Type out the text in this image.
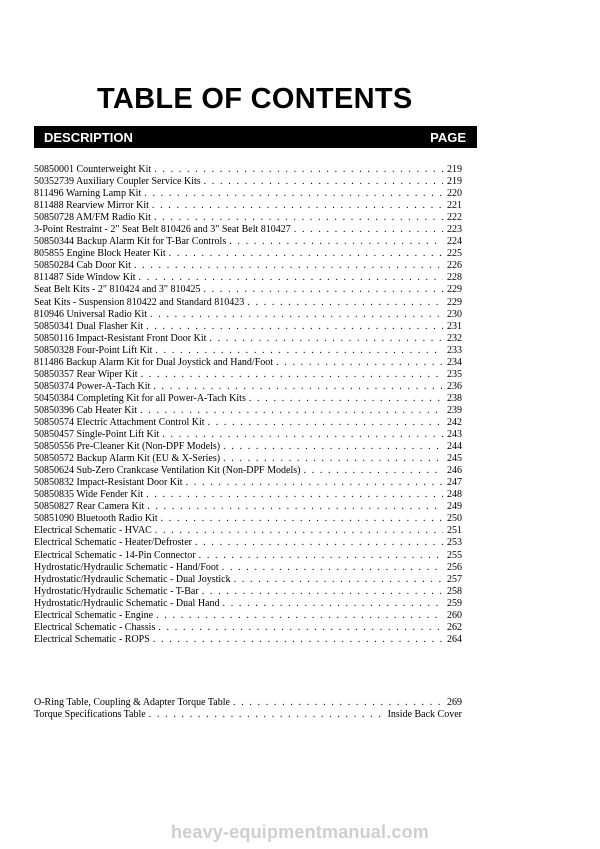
TABLE OF CONTENTS
DESCRIPTION	PAGE
50850001 Counterweight Kit . . .	219
50352739 Auxiliary Coupler Service Kits . . .	219
811496 Warning Lamp Kit . . .	220
811488 Rearview Mirror Kit . . .	221
50850728 AM/FM Radio Kit . . .	222
3-Point Restraint - 2" Seat Belt 810426 and 3" Seat Belt 810427 . . .	223
50850344 Backup Alarm Kit for T-Bar Controls . . .	224
805855 Engine Block Heater Kit . . .	225
50850284 Cab Door Kit . . .	226
811487 Side Window Kit . . .	228
Seat Belt Kits - 2" 810424 and 3" 810425 . . .	229
Seat Kits - Suspension 810422 and Standard 810423 . . .	229
810946 Universal Radio Kit . . .	230
50850341 Dual Flasher Kit . . .	231
50850116 Impact-Resistant Front Door Kit . . .	232
50850328 Four-Point Lift Kit . . .	233
811486 Backup Alarm Kit for Dual Joystick and Hand/Foot . . .	234
50850357 Rear Wiper Kit . . .	235
50850374 Power-A-Tach Kit . . .	236
50450384 Completing Kit for all Power-A-Tach Kits . . .	238
50850396 Cab Heater Kit . . .	239
50850574 Electric Attachment Control Kit . . .	242
50850457 Single-Point Lift Kit . . .	243
50850556 Pre-Cleaner Kit (Non-DPF Models) . . .	244
50850572 Backup Alarm Kit (EU & X-Series) . . .	245
50850624 Sub-Zero Crankcase Ventilation Kit (Non-DPF Models) . . .	246
50850832 Impact-Resistant Door Kit . . .	247
50850835 Wide Fender Kit . . .	248
50850827 Rear Camera Kit . . .	249
50851090 Bluetooth Radio Kit . . .	250
Electrical Schematic - HVAC . . .	251
Electrical Schematic - Heater/Defroster . . .	253
Electrical Schematic - 14-Pin Connector . . .	255
Hydrostatic/Hydraulic Schematic - Hand/Foot . . .	256
Hydrostatic/Hydraulic Schematic - Dual Joystick . . .	257
Hydrostatic/Hydraulic Schematic - T-Bar . . .	258
Hydrostatic/Hydraulic Schematic - Dual Hand . . .	259
Electrical Schematic - Engine . . .	260
Electrical Schematic - Chassis . . .	262
Electrical Schematic - ROPS . . .	264
O-Ring Table, Coupling & Adapter Torque Table . . .	269
Torque Specifications Table . . .	Inside Back Cover
heavy-equipmentmanual.com
